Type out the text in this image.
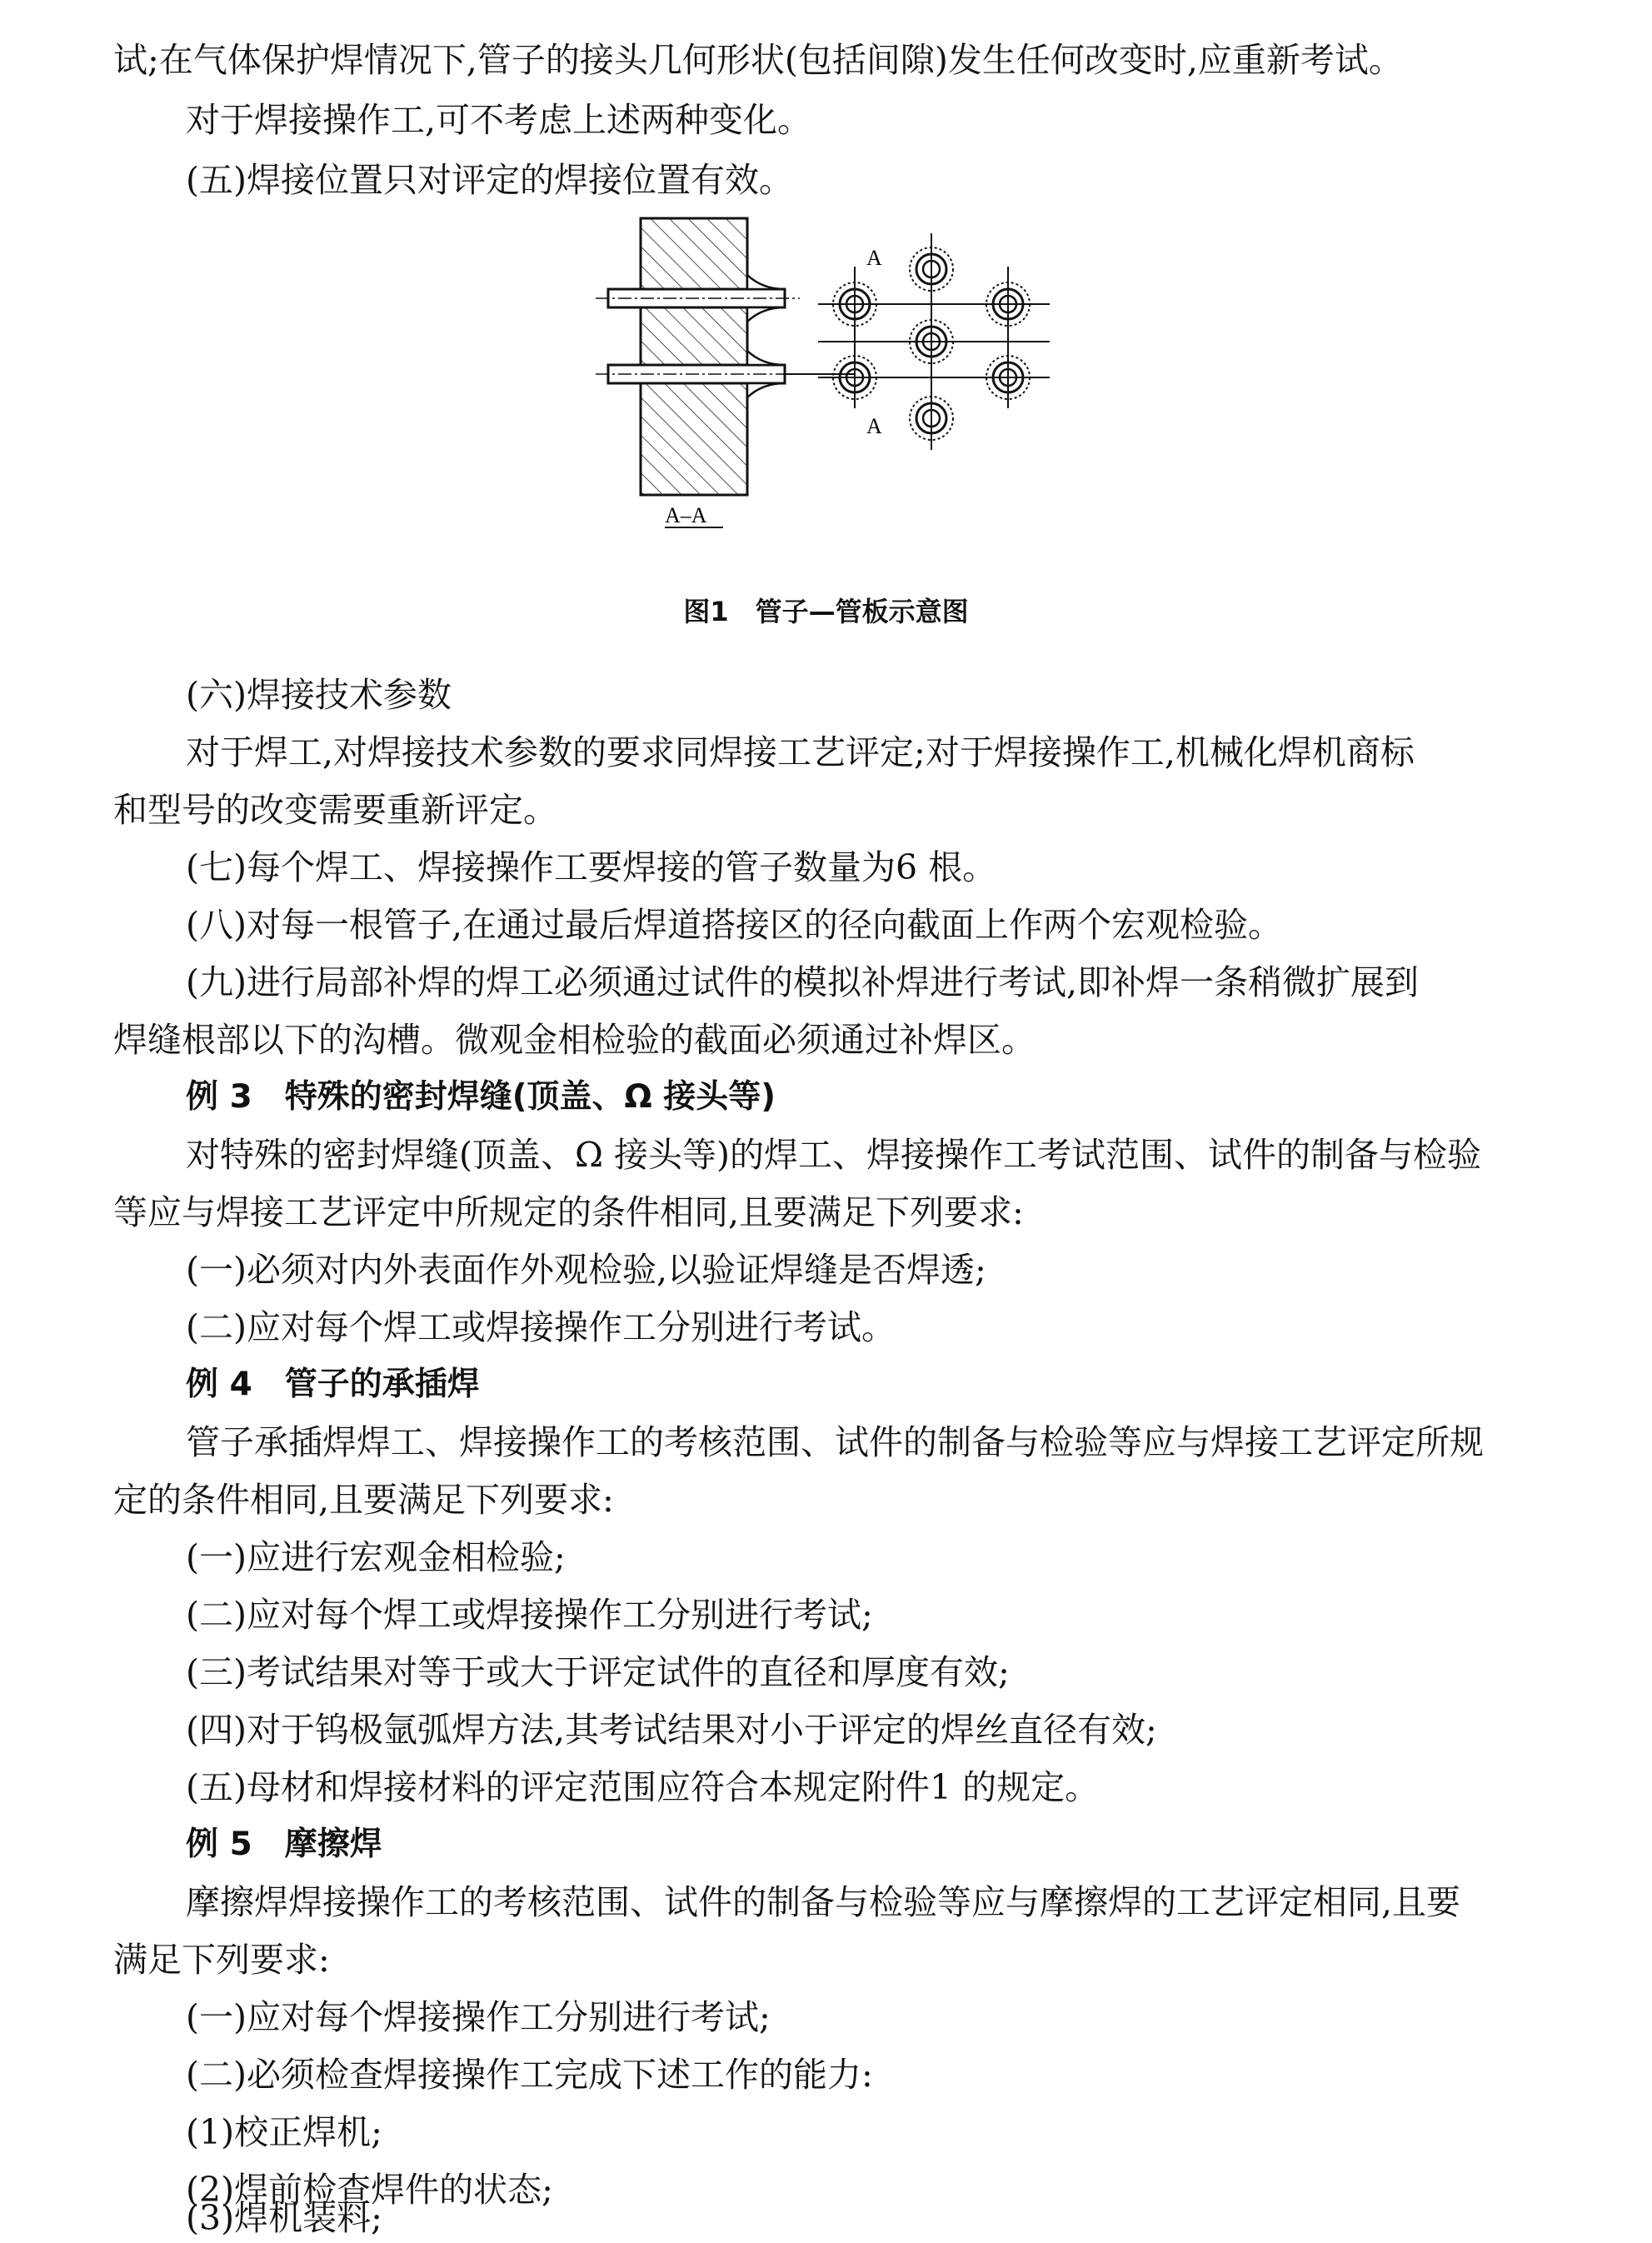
试;在气体保护焊情况下,管子的接头几何形状(包括间隙)发生任何改变时,应重新考试。
对于焊接操作工,可不考虑上述两种变化。
(五)焊接位置只对评定的焊接位置有效。
A
A
A–A
图1　管子—管板示意图
(六)焊接技术参数
对于焊工,对焊接技术参数的要求同焊接工艺评定;对于焊接操作工,机械化焊机商标
和型号的改变需要重新评定。
(七)每个焊工、焊接操作工要焊接的管子数量为6 根。
(八)对每一根管子,在通过最后焊道搭接区的径向截面上作两个宏观检验。
(九)进行局部补焊的焊工必须通过试件的模拟补焊进行考试,即补焊一条稍微扩展到
焊缝根部以下的沟槽。微观金相检验的截面必须通过补焊区。
例 3　特殊的密封焊缝(顶盖、Ω 接头等)
对特殊的密封焊缝(顶盖、Ω 接头等)的焊工、焊接操作工考试范围、试件的制备与检验
等应与焊接工艺评定中所规定的条件相同,且要满足下列要求:
(一)必须对内外表面作外观检验,以验证焊缝是否焊透;
(二)应对每个焊工或焊接操作工分别进行考试。
例 4　管子的承插焊
管子承插焊焊工、焊接操作工的考核范围、试件的制备与检验等应与焊接工艺评定所规
定的条件相同,且要满足下列要求:
(一)应进行宏观金相检验;
(二)应对每个焊工或焊接操作工分别进行考试;
(三)考试结果对等于或大于评定试件的直径和厚度有效;
(四)对于钨极氩弧焊方法,其考试结果对小于评定的焊丝直径有效;
(五)母材和焊接材料的评定范围应符合本规定附件1 的规定。
例 5　摩擦焊
摩擦焊焊接操作工的考核范围、试件的制备与检验等应与摩擦焊的工艺评定相同,且要
满足下列要求:
(一)应对每个焊接操作工分别进行考试;
(二)必须检查焊接操作工完成下述工作的能力:
(1)校正焊机;
(2)焊前检查焊件的状态;
(3)焊机装料;
